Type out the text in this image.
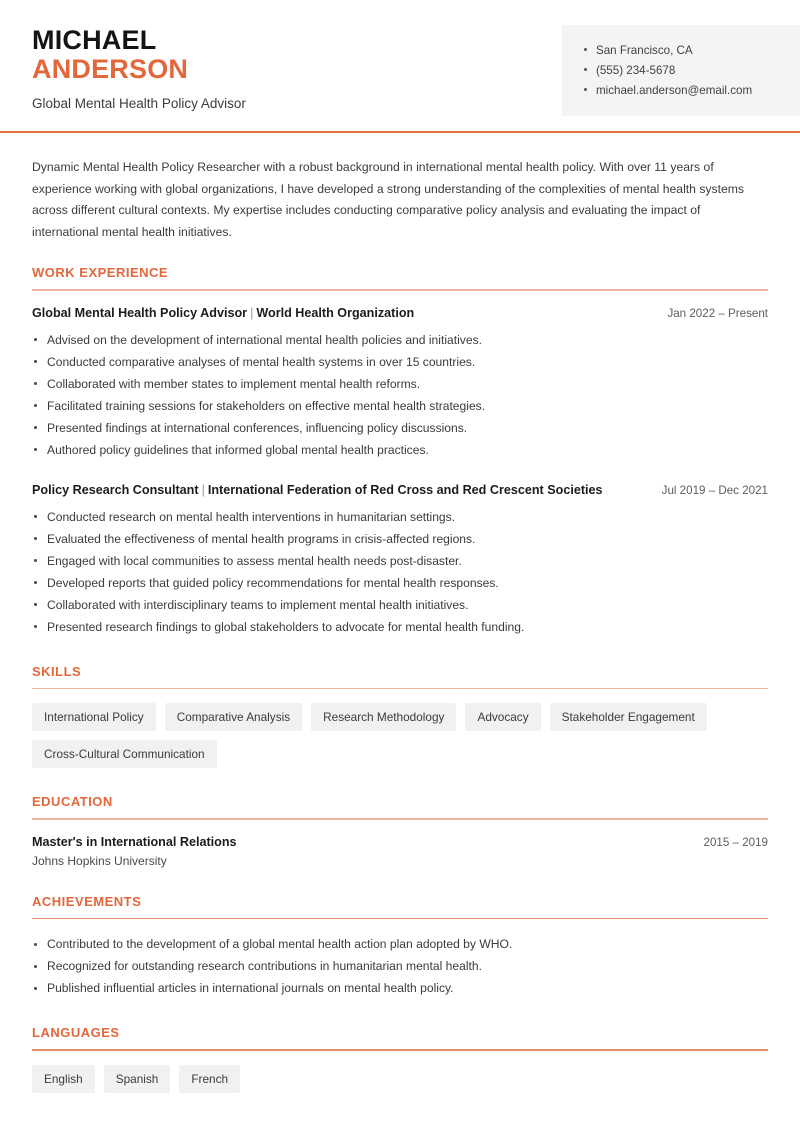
MICHAEL
ANDERSON
Global Mental Health Policy Advisor
San Francisco, CA
(555) 234-5678
michael.anderson@email.com

Dynamic Mental Health Policy Researcher with a robust background in international mental health policy. With over 11 years of experience working with global organizations, I have developed a strong understanding of the complexities of mental health systems across different cultural contexts. My expertise includes conducting comparative policy analysis and evaluating the impact of international mental health initiatives.

WORK EXPERIENCE
Global Mental Health Policy Advisor | World Health Organization	Jan 2022 – Present
Advised on the development of international mental health policies and initiatives.
Conducted comparative analyses of mental health systems in over 15 countries.
Collaborated with member states to implement mental health reforms.
Facilitated training sessions for stakeholders on effective mental health strategies.
Presented findings at international conferences, influencing policy discussions.
Authored policy guidelines that informed global mental health practices.
Policy Research Consultant | International Federation of Red Cross and Red Crescent Societies	Jul 2019 – Dec 2021
Conducted research on mental health interventions in humanitarian settings.
Evaluated the effectiveness of mental health programs in crisis-affected regions.
Engaged with local communities to assess mental health needs post-disaster.
Developed reports that guided policy recommendations for mental health responses.
Collaborated with interdisciplinary teams to implement mental health initiatives.
Presented research findings to global stakeholders to advocate for mental health funding.
SKILLS
International Policy	Comparative Analysis	Research Methodology	Advocacy	Stakeholder Engagement
Cross-Cultural Communication
EDUCATION
Master's in International Relations	2015 – 2019
Johns Hopkins University
ACHIEVEMENTS
Contributed to the development of a global mental health action plan adopted by WHO.
Recognized for outstanding research contributions in humanitarian mental health.
Published influential articles in international journals on mental health policy.
LANGUAGES
English	Spanish	French
